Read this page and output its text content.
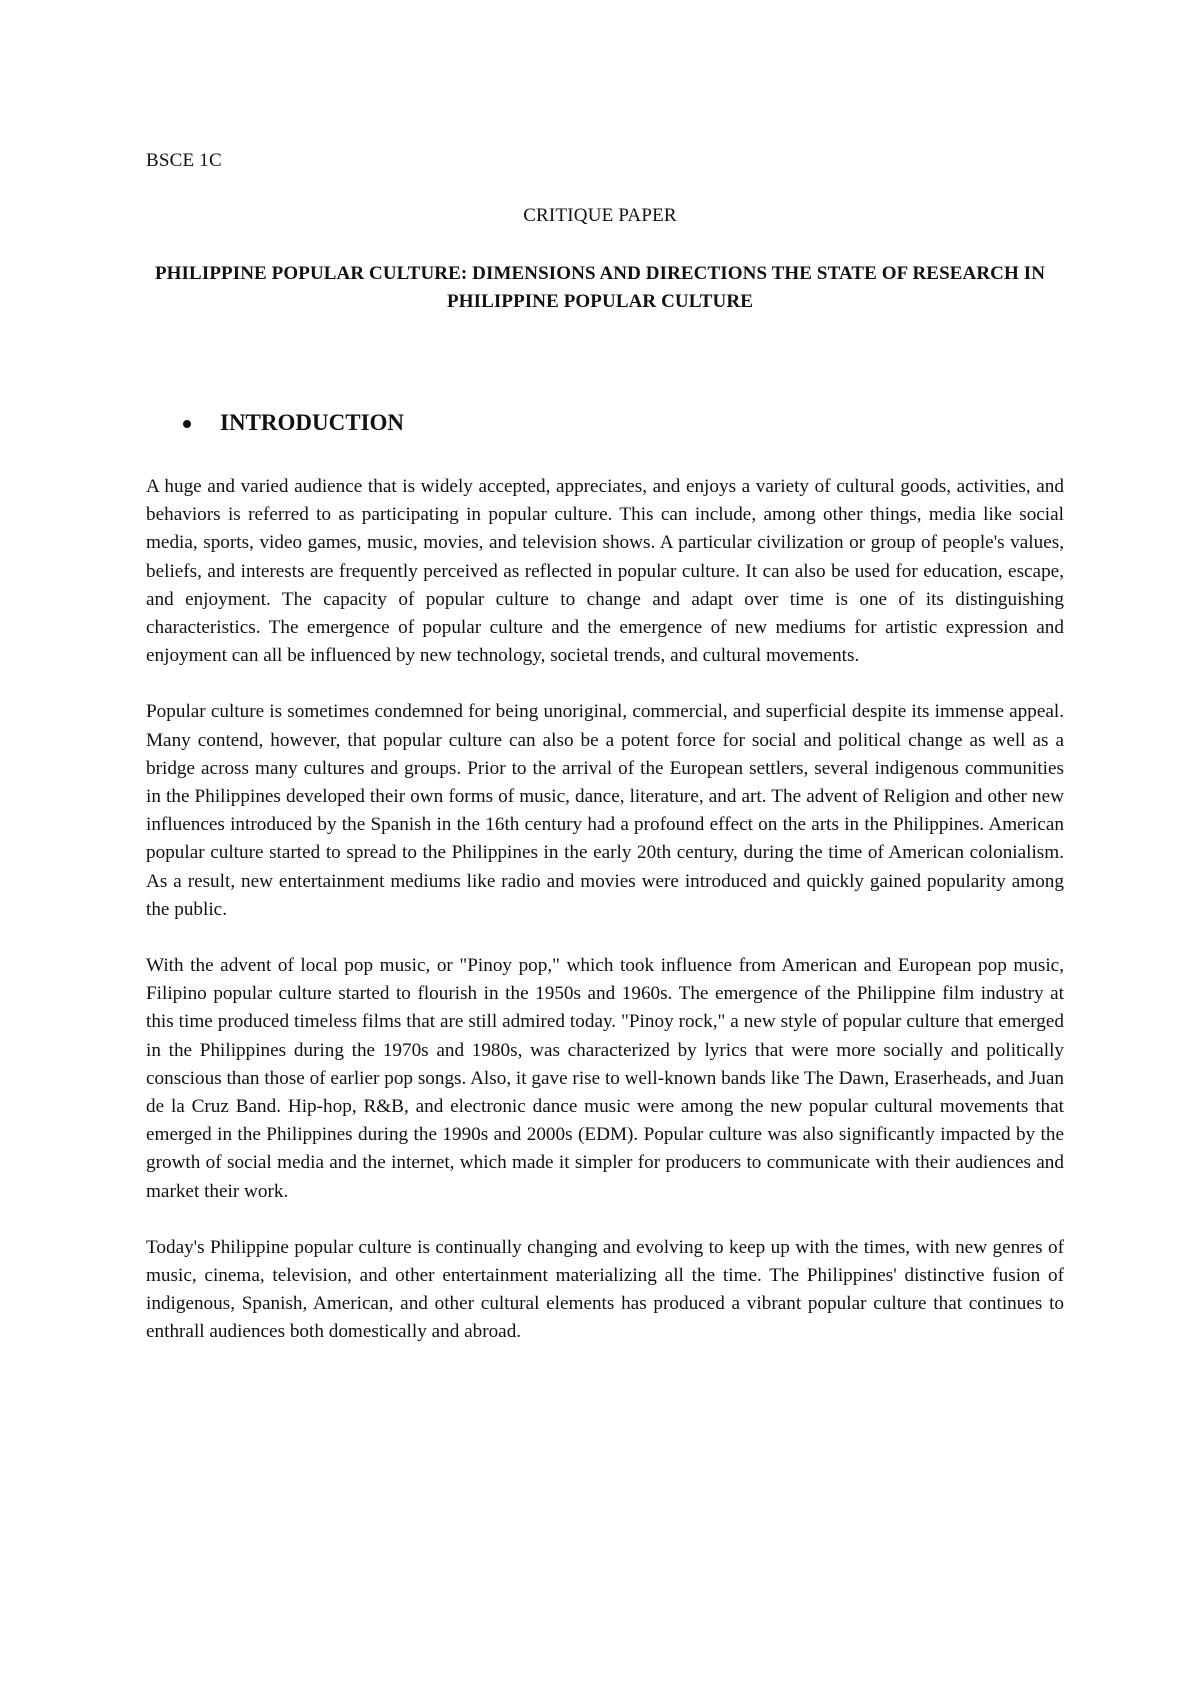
BSCE 1C
CRITIQUE PAPER
PHILIPPINE POPULAR CULTURE: DIMENSIONS AND DIRECTIONS THE STATE OF RESEARCH IN PHILIPPINE POPULAR CULTURE
INTRODUCTION

A huge and varied audience that is widely accepted, appreciates, and enjoys a variety of cultural goods, activities, and behaviors is referred to as participating in popular culture. This can include, among other things, media like social media, sports, video games, music, movies, and television shows. A particular civilization or group of people's values, beliefs, and interests are frequently perceived as reflected in popular culture. It can also be used for education, escape, and enjoyment. The capacity of popular culture to change and adapt over time is one of its distinguishing characteristics. The emergence of popular culture and the emergence of new mediums for artistic expression and enjoyment can all be influenced by new technology, societal trends, and cultural movements.

Popular culture is sometimes condemned for being unoriginal, commercial, and superficial despite its immense appeal. Many contend, however, that popular culture can also be a potent force for social and political change as well as a bridge across many cultures and groups. Prior to the arrival of the European settlers, several indigenous communities in the Philippines developed their own forms of music, dance, literature, and art. The advent of Religion and other new influences introduced by the Spanish in the 16th century had a profound effect on the arts in the Philippines. American popular culture started to spread to the Philippines in the early 20th century, during the time of American colonialism. As a result, new entertainment mediums like radio and movies were introduced and quickly gained popularity among the public.

With the advent of local pop music, or "Pinoy pop," which took influence from American and European pop music, Filipino popular culture started to flourish in the 1950s and 1960s. The emergence of the Philippine film industry at this time produced timeless films that are still admired today. "Pinoy rock," a new style of popular culture that emerged in the Philippines during the 1970s and 1980s, was characterized by lyrics that were more socially and politically conscious than those of earlier pop songs. Also, it gave rise to well-known bands like The Dawn, Eraserheads, and Juan de la Cruz Band. Hip-hop, R&B, and electronic dance music were among the new popular cultural movements that emerged in the Philippines during the 1990s and 2000s (EDM). Popular culture was also significantly impacted by the growth of social media and the internet, which made it simpler for producers to communicate with their audiences and market their work.

Today's Philippine popular culture is continually changing and evolving to keep up with the times, with new genres of music, cinema, television, and other entertainment materializing all the time. The Philippines' distinctive fusion of indigenous, Spanish, American, and other cultural elements has produced a vibrant popular culture that continues to enthrall audiences both domestically and abroad.
